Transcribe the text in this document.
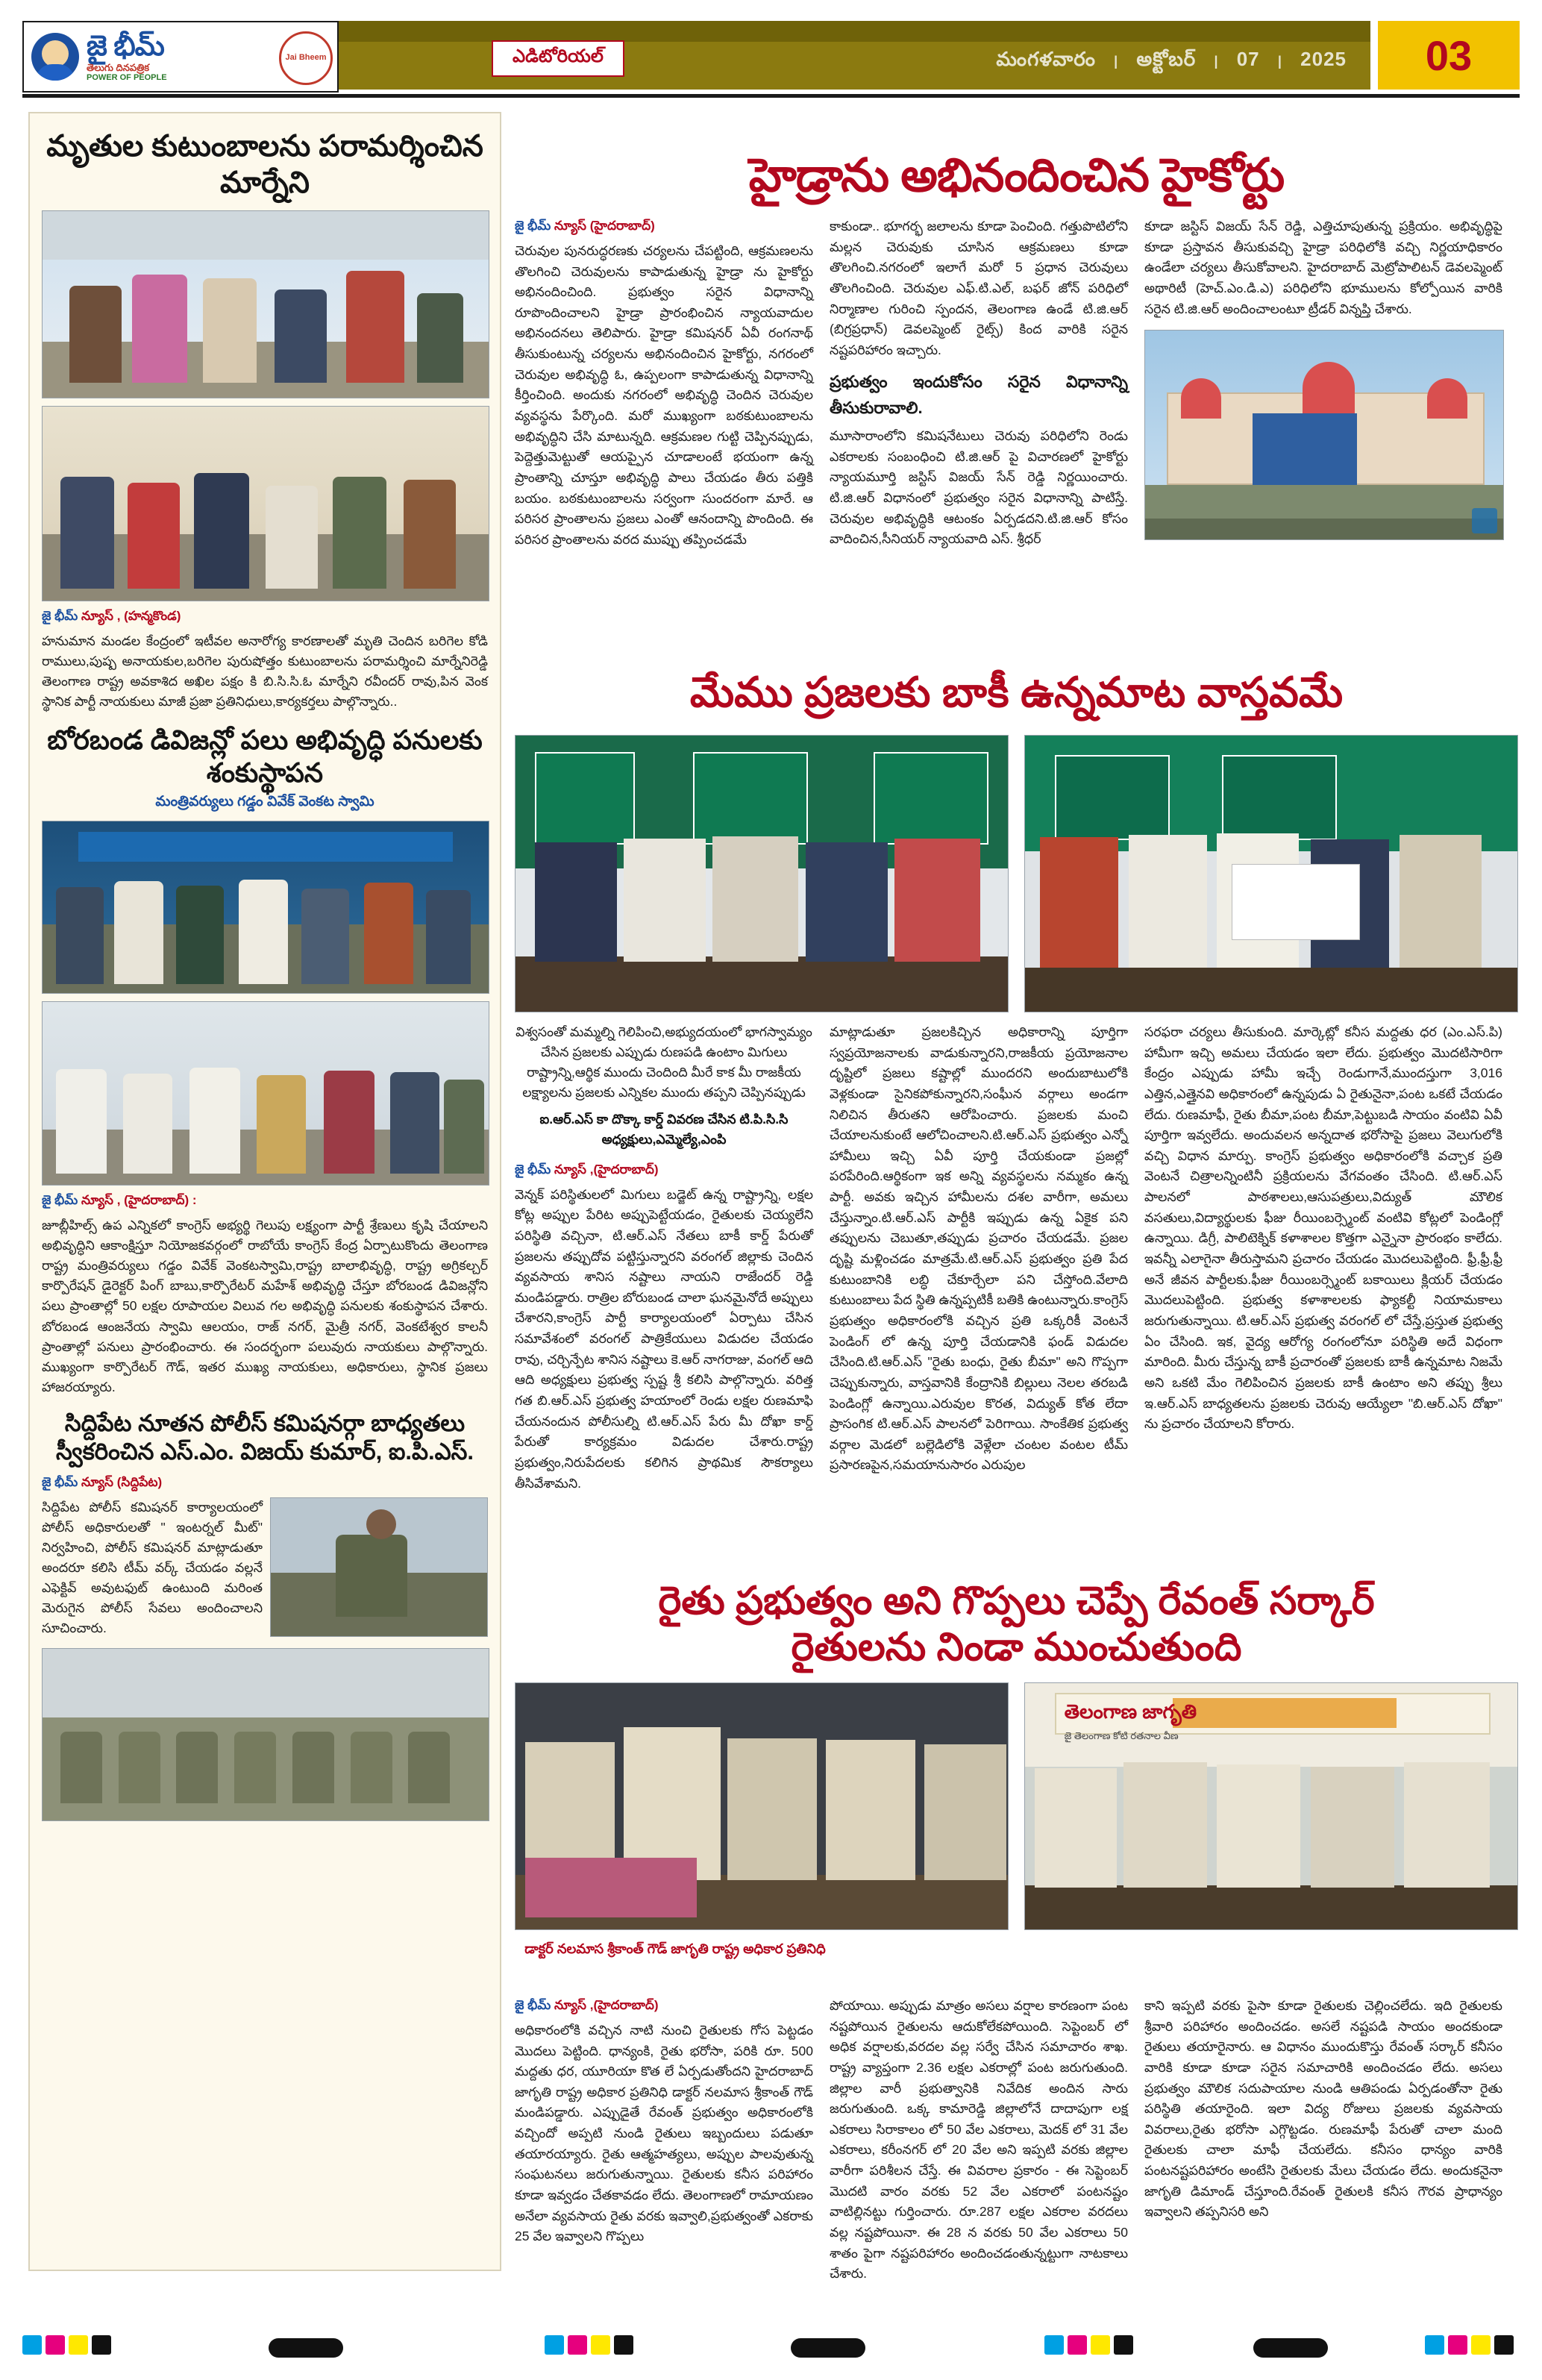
జై భీమ్
తెలుగు దినపత్రిక
POWER OF PEOPLE
Jai Bheem	ఎడిటోరియల్	మంగళవారం | అక్టోబర్ | 07 | 2025 03
మృతుల కుటుంబాలను పరామర్శించిన మార్నేని
జై భీమ్ న్యూస్ , (హన్మకొండ)
హనుమాన మండల కేంద్రంలో ఇటీవల అనారోగ్య కారణాలతో మృతి చెందిన బరిగెల కోడి రాములు,పుష్ప అనాయకుల,బరిగెల పురుషోత్తం కుటుంబాలను పరామర్శించి మార్నేనిరెడ్డి తెలంగాణ రాష్ట్ర అవకాశిద అఖిల పక్షం కి బి.సి.సి.ఓ మార్నేని రవీందర్ రావు,పిన వెంక స్థానిక పార్టీ నాయకులు మాజీ ప్రజా ప్రతినిధులు,కార్యకర్తలు పాల్గొన్నారు..
బోరబండ డివిజన్లో పలు అభివృద్ధి పనులకు శంకుస్థాపన
మంత్రివర్యులు గడ్డం వివేక్ వెంకట స్వామి
జై భీమ్ న్యూస్ , (హైదరాబాద్) :
జూబ్లీహిల్స్ ఉప ఎన్నికలో కాంగ్రెస్ అభ్యర్థి గెలుపు లక్ష్యంగా పార్టీ శ్రేణులు కృషి చేయాలని అభివృద్ధిని ఆకాంక్షిస్తూ నియోజకవర్గంలో రాబోయే కాంగ్రెస్ కేంద్ర ఏర్పాటుకొందు తెలంగాణ రాష్ట్ర మంత్రివర్యులు గడ్డం వివేక్ వెంకటస్వామి,రాష్ట్ర బాలాభివృద్ధి, రాష్ట్ర అగ్రికల్చర్ కార్పొరేషన్ డైరెక్టర్ పింగ్ బాబు,కార్పొరేటర్ మహేశ్ అభివృద్ధి చేస్తూ బోరబండ డివిజన్లోని పలు ప్రాంతాల్లో 50 లక్షల రూపాయల విలువ గల అభివృద్ధి పనులకు శంకుస్థాపన చేశారు. బోరబండ ఆంజనేయ స్వామి ఆలయం, రాజ్ నగర్, మైత్రీ నగర్, వెంకటేశ్వర కాలనీ ప్రాంతాల్లో పనులు ప్రారంభించారు. ఈ సందర్భంగా పలువురు నాయకులు పాల్గొన్నారు. ముఖ్యంగా కార్పొరేటర్ గౌడ్, ఇతర ముఖ్య నాయకులు, అధికారులు, స్థానిక ప్రజలు హాజరయ్యారు.
సిద్దిపేట నూతన పోలీస్ కమిషనర్గా బాధ్యతలు స్వీకరించిన ఎస్.ఎం. విజయ్ కుమార్, ఐ.పి.ఎస్.
జై భీమ్ న్యూస్ (సిద్దిపేట)
సిద్దిపేట పోలీస్ కమిషనర్ కార్యాలయంలో పోలీస్ అధికారులతో " ఇంటర్నల్ మీట్" నిర్వహించి, పోలీస్ కమిషనర్ మాట్లాడుతూ అందరూ కలిసి టీమ్ వర్క్ చేయడం వల్లనే ఎఫెక్టివ్ అవుటఫుట్ ఉంటుంది మరింత మెరుగైన పోలీస్ సేవలు అందించాలని సూచించారు.
హైడ్రాను అభినందించిన హైకోర్టు
జై భీమ్ న్యూస్ (హైదరాబాద్)
చెరువుల పునరుద్ధరణకు చర్యలను చేపట్టింది, ఆక్రమణలను తొలగించి చెరువులను కాపాడుతున్న హైడ్రా ను హైకోర్టు అభినందించింది. ప్రభుత్వం సరైన విధానాన్ని రూపొందించాలని హైడ్రా ప్రారంభించిన న్యాయవాదుల అభినందనలు తెలిపారు. హైడ్రా కమిషనర్ ఏవీ రంగనాథ్ తీసుకుంటున్న చర్యలను అభినందించిన హైకోర్టు, నగరంలో చెరువుల అభివృద్ధి ఓ, ఉప్పలంగా కాపాడుతున్న విధానాన్ని కీర్తించింది. అందుకు నగరంలో అభివృద్ధి చెందిన చెరువుల వ్యవస్థను పేర్కొంది. మరో ముఖ్యంగా బఠకుటుంబాలను అభివృద్ధిని చేసి మాటున్నది. ఆక్రమణల గుట్టి చెప్పినప్పుడు, పెద్దెత్తుమెట్టుతో ఆయప్పైన చూడాలంటే భయంగా ఉన్న ప్రాంతాన్ని చూస్తూ అభివృద్ధి పాలు చేయడం తీరు పత్తికి బయం. బఠకుటుంబాలను సర్వంగా సుందరంగా మారే. ఆ పరిసర ప్రాంతాలను ప్రజలు ఎంతో ఆనందాన్ని పొందింది. ఈ పరిసర ప్రాంతాలను వరద ముప్పు తప్పించడమే
కాకుండా.. భూగర్భ జలాలను కూడా పెంచింది. గత్తుపొటిలోని మల్లన చెరువుకు చూసిన ఆక్రమణలు కూడా తొలగించి.నగరంలో ఇలాగే మరో 5 ప్రధాన చెరువులు తొలగించింది. చెరువుల ఎఫ్.టి.ఎల్, బఫర్ జోన్ పరిధిలో నిర్మాణాల గురించి స్పందన, తెలంగాణ ఉండే టి.జి.ఆర్ (బిగ్రప్రధాన్) డెవలప్మెంట్ రైట్స్) కింద వారికి సరైన నష్టపరిహారం ఇచ్చారు.
ప్రభుత్వం ఇందుకోసం సరైన విధానాన్ని తీసుకురావాలి.
మూసారాంలోని కమిషనేటులు చెరువు పరిధిలోని రెండు ఎకరాలకు సంబంధించి టి.జి.ఆర్ పై విచారణలో హైకోర్టు న్యాయమూర్తి జస్టిస్ విజయ్ సేన్ రెడ్డి నిర్ణయించారు. టి.జి.ఆర్ విధానంలో ప్రభుత్వం సరైన విధానాన్ని పాటిస్తే. చెరువుల అభివృద్ధికి ఆటంకం ఏర్పడదని.టి.జి.ఆర్ కోసం వాదించిన,సీనియర్ న్యాయవాది ఎస్. శ్రీధర్
కూడా జస్టిస్ విజయ్ సేన్ రెడ్డి, ఎత్తిచూపుతున్న ప్రక్రియం. అభివృద్ధిపై కూడా ప్రస్తావన తీసుకువచ్చి హైడ్రా పరిధిలోకి వచ్చి నిర్ణయాధికారం ఉండేలా చర్యలు తీసుకోవాలని. హైదరాబాద్ మెట్రోపాలిటన్ డెవలప్మెంట్ అథారిటీ (హెచ్.ఎం.డి.ఎ) పరిధిలోని భూములను కోల్పోయిన వారికి సరైన టి.జి.ఆర్ అందించాలంటూ ట్రీడర్ విన్నప్తి చేశారు.
మేము ప్రజలకు బాకీ ఉన్నమాట వాస్తవమే
విశ్వసంతో మమ్మల్ని గెలిపించి,అభ్యుదయంలో భాగస్వామ్యం చేసిన ప్రజలకు ఎప్పుడు రుణపడి ఉంటాం మిగులు రాష్ట్రాన్ని,ఆర్థిక ముందు చెందింది మీరే కాక మీ రాజకీయ లక్ష్యాలను ప్రజలకు ఎన్నికల ముందు తప్పని చెప్పినప్పుడు
ఐ.ఆర్.ఎస్ కా దొక్కా కార్డ్ వివరణ చేసిన టి.పి.సి.సి అధ్యక్షులు,ఎమ్మెల్యే,ఎంపి
జై భీమ్ న్యూస్ ,(హైదరాబాద్)
వెన్నక్ పరిస్థితులలో మిగులు బడ్జెట్ ఉన్న రాష్ట్రాన్ని, లక్షల కోట్ల అప్పుల పేరిట అప్పుపెట్టేయడం, రైతులకు చెయ్యలేని పరిస్థితి వచ్చినా, టి.ఆర్.ఎస్ నేతలు బాకీ కార్డ్ పేరుతో ప్రజలను తప్పుదోవ పట్టిస్తున్నారని వరంగల్ జిల్లాకు చెందిన వ్యవసాయ శానిస నష్టాలు నాయని రాజేందర్ రెడ్డి మండిపడ్డారు. రాత్రిల బోరుబండ చాలా ఘనమైనోదే అప్పులు చేశారని,కాంగ్రెస్ పార్టీ కార్యాలయంలో ఏర్పాటు చేసిన సమావేశంలో వరంగల్ పాత్రికేయులు విడుదల చేయడం రావు, చర్చిన్పేట శానిస నష్టాలు కె.ఆర్ నాగరాజు, వంగల్ ఆది ఆది అధ్యక్షులు ప్రభుత్వ స్పష్ట శ్రీ కలిసి పాల్గొన్నారు. వరిత్త గత బి.ఆర్.ఎస్ ప్రభుత్వ హయాంలో రెండు లక్షల రుణమాఫి చేయనందున పోలీసుల్ని టి.ఆర్.ఎస్ పేరు మీ దోఖా కార్డ్ పేరుతో కార్యక్రమం విడుదల చేశారు.రాష్ట్ర ప్రభుత్వం,నిరుపేదలకు కలిగిన ప్రాథమిక సౌకర్యాలు తీసివేశామని.
మాట్లాడుతూ ప్రజలకిచ్చిన అధికారాన్ని పూర్తిగా స్వప్రయోజనాలకు వాడుకున్నారని,రాజకీయ ప్రయోజనాల దృష్టిలో ప్రజలు కష్టాల్లో ముందరని అందుబాటులోకి వెళ్లకుండా సైనికపోకున్నారని,సంఘీన వర్గాలు అండగా నిలిచిన తీరుతని ఆరోపించారు. ప్రజలకు మంచి చేయాలనుకుంటే ఆలోచించాలని.టి.ఆర్.ఎస్ ప్రభుత్వం ఎన్నో హామీలు ఇచ్చి ఏవీ పూర్తి చేయకుండా ప్రజల్లో పరపేరింది.ఆర్థికంగా ఇక అన్ని వ్యవస్థలను నమ్మకం ఉన్న పార్టీ. అవకు ఇచ్చిన హామీలను దశల వారీగా, అమలు చేస్తున్నాం.టి.ఆర్.ఎస్ పార్టీకి ఇప్పుడు ఉన్న ఏకైక పని తప్పులను చెబుతూ,తప్పుడు ప్రచారం చేయడమే. ప్రజల దృష్టి మళ్లించడం మాత్రమే.టి.ఆర్.ఎస్ ప్రభుత్వం ప్రతి పేద కుటుంబానికి లబ్ధి చేకూర్చేలా పని చేస్తోంది.వేలాది కుటుంబాలు పేద స్థితి ఉన్నప్పటికీ బతికి ఉంటున్నారు.కాంగ్రెస్ ప్రభుత్వం అధికారంలోకి వచ్చిన ప్రతి ఒక్కరికీ వెంటనే పెండింగ్ లో ఉన్న పూర్తి చేయడానికి ఫండ్ విడుదల చేసింది.టి.ఆర్.ఎస్ "రైతు బంధు, రైతు బీమా" అని గొప్పగా చెప్పుకున్నారు, వాస్తవానికి కేంద్రానికి బిల్లులు నెలల తరబడి పెండింగ్లో ఉన్నాయి.ఎరువుల కొరత, విద్యుత్ కోత లేదా ప్రాసంగిక టి.ఆర్.ఎస్ పాలనలో పెరిగాయి. సాంకేతిక ప్రభుత్వ వర్గాల మెడలో బల్లెడిలోకి వెళ్లేలా చంటల వంటల టీమ్ ప్రసారణపైన,సమయానుసారం ఎరుపుల
సరఫరా చర్యలు తీసుకుంది. మార్కెట్లో కనీస మద్దతు ధర (ఎం.ఎస్.పి) హామీగా ఇచ్చి అమలు చేయడం ఇలా లేదు. ప్రభుత్వం మొదటిసారిగా కేంద్రం ఎప్పుడు హామీ ఇచ్చే రెండుగానే,ముందస్తుగా 3,016 ఎత్తిన,ఎత్తైనవి అధికారంలో ఉన్నపుడు ఏ రైతునైనా,పంట ఒకటే చేయడం లేదు. రుణమాఫీ, రైతు బీమా,పంట బీమా,పెట్టుబడి సాయం వంటివి ఏవీ పూర్తిగా ఇవ్వలేదు. అందువలన అన్నదాత భరోసాపై ప్రజలు వెలుగులోకి వచ్చి విధాన మార్పు. కాంగ్రెస్ ప్రభుత్వం అధికారంలోకి వచ్చాక ప్రతి వెంటనే చిత్రాలన్నింటినీ ప్రక్రియలను వేగవంతం చేసింది. టి.ఆర్.ఎస్ పాలనలో పాఠశాలలు,ఆసుపత్రులు,విద్యుత్ మౌలిక వసతులు,విద్యార్థులకు ఫీజు రీయింబర్స్మెంట్ వంటివి కోట్లలో పెండింగ్లో ఉన్నాయి. డిగ్రీ, పాలిటెక్నిక్ కళాశాలల కొత్తగా ఎన్నైనా ప్రారంభం కాలేదు. ఇవన్నీ ఎలాగైనా తీరుస్తామని ప్రచారం చేయడం మొదలుపెట్టింది. ఫ్రీ,ఫ్రీ,ఫ్రీ అనే జీవన పార్టీలకు.ఫీజు రీయింబర్స్మెంట్ బకాయిలు క్లియర్ చేయడం మొదలుపెట్టింది. ప్రభుత్వ కళాశాలలకు ఫ్యాకల్టీ నియామకాలు జరుగుతున్నాయి. టి.ఆర్.ఎస్ ప్రభుత్వ వరంగల్ లో చేస్తే,ప్రస్తుత ప్రభుత్వ ఏం చేసింది. ఇక, వైద్య ఆరోగ్య రంగంలోనూ పరిస్థితి అదే విధంగా మారింది. మీరు చేస్తున్న బాకీ ప్రచారంతో ప్రజలకు బాకీ ఉన్నమాట నిజమే అని ఒకటి మేం గెలిపించిన ప్రజలకు బాకీ ఉంటాం అని తప్పు శ్రీలు ఇ.ఆర్.ఎస్ బాధ్యతలను ప్రజలకు చెరువు ఆయ్యేలా "బి.ఆర్.ఎస్ దోఖా" ను ప్రచారం చేయాలని కోరారు.
రైతు ప్రభుత్వం అని గొప్పలు చెప్పే రేవంత్ సర్కార్
రైతులను నిండా ముంచుతుంది
తెలంగాణ జాగృతి
జై తెలంగాణ కోటి రతనాల వీణ
డాక్టర్ నలమాస శ్రీకాంత్ గౌడ్ జాగృతి రాష్ట్ర అధికార ప్రతినిధి
జై భీమ్ న్యూస్ ,(హైదరాబాద్)
అధికారంలోకి వచ్చిన నాటి నుంచి రైతులకు గోస పెట్టడం మొదలు పెట్టింది. ధాన్యంకి, రైతు భరోసా, పరికి రూ. 500 మద్దతు ధర, యూరియా కొత లే ఏర్పడుతోందని హైదరాబాద్ జాగృతి రాష్ట్ర అధికార ప్రతినిధి డాక్టర్ నలమాస శ్రీకాంత్ గౌడ్ మండిపడ్డారు. ఎప్పుడైతే రేవంత్ ప్రభుత్వం అధికారంలోకి వచ్చిందో అప్పటి నుండి రైతులు ఇబ్బందులు పడుతూ తయారయ్యారు. రైతు ఆత్మహత్యలు, అప్పుల పాలవుతున్న సంఘటనలు జరుగుతున్నాయి. రైతులకు కనీస పరిహారం కూడా ఇవ్వడం చేతకావడం లేదు. తెలంగాణలో రామాయణం అనేలా వ్యవసాయ రైతు వరకు ఇవ్వాలి,ప్రభుత్వంతో ఎకరాకు 25 వేల ఇవ్వాలని గొప్పలు
పోయాయి. అప్పుడు మాత్రం అసలు వర్షాల కారణంగా పంట నష్టపోయిన రైతులను ఆదుకోలేకపోయింది. సెప్టెంబర్ లో అధిక వర్షాలకు,వరదల వల్ల సర్వే చేసిన సమాచారం శాఖ. రాష్ట్ర వ్యాప్తంగా 2.36 లక్షల ఎకరాల్లో పంట జరుగుతుంది. జిల్లాల వారీ ప్రభుత్వానికి నివేదిక అందిన సారు జరుగుతుంది. ఒక్క కామారెడ్డి జిల్లాలోనే దాదాపుగా లక్ష ఎకరాలు సిరాకాలం లో 50 వేల ఎకరాలు, మెదక్ లో 31 వేల ఎకరాలు, కరీంనగర్ లో 20 వేల అని ఇప్పటి వరకు జిల్లాల వారీగా పరిశీలన చేస్తే. ఈ వివరాల ప్రకారం - ఈ సెప్టెంబర్ మొదటి వారం వరకు 52 వేల ఎకరాలో పంటనష్టం వాటిల్లినట్టు గుర్తించారు. రూ.287 లక్షల ఎకరాల వరదలు వల్ల నష్టపోయినా. ఈ 28 న వరకు 50 వేల ఎకరాలు 50 శాతం పైగా నష్టపరిహారం అందించడంతున్నట్టుగా నాటకాలు చేశారు.
కాని ఇప్పటి వరకు పైసా కూడా రైతులకు చెల్లించలేదు. ఇది రైతులకు శ్రీవారి పరిహారం అందించడం. అసలే నష్టపడి సాయం అందకుండా రైతులు తయారైనారు. ఆ విధానం ముందుకొస్తు రేవంత్ సర్కార్ కనీసం వారికి కూడా కూడా సరైన సమాచారికి అందించడం లేదు. అసలు ప్రభుత్వం మౌలిక సదుపాయాల నుండి ఆతిపండు ఏర్పడంతోనా రైతు పరిస్థితి తయారైంది. ఇలా విద్య రోజులు ప్రజలకు వ్యవసాయ వివరాలు,రైతు భరోసా ఎగ్గొట్టడం. రుణమాఫీ పేరుతో చాలా మంది రైతులకు చాలా మాఫీ చేయలేదు. కనీసం ధాన్యం వారికి పంటనష్టపరిహారం అంటేసి రైతులకు మేలు చేయడం లేదు. అందుకనైనా జాగృతి డిమాండ్ చేస్తూంది.రేవంత్ రైతులకి కనీస గౌరవ ప్రాధాన్యం ఇవ్వాలని తప్పనిసరి అని
